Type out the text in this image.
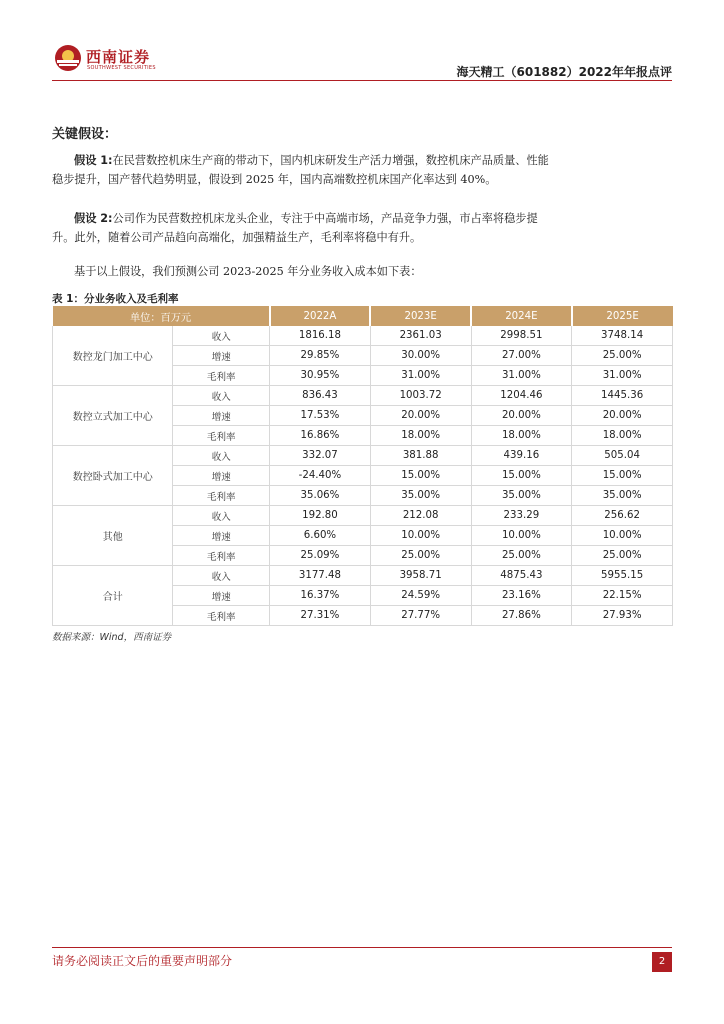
西南证券
SOUTHWEST SECURITIES	海天精工（601882）2022年年报点评
关键假设：
假设 1:在民营数控机床生产商的带动下，国内机床研发生产活力增强，数控机床产品质量、性能稳步提升，国产替代趋势明显，假设到 2025 年，国内高端数控机床国产化率达到 40%。
假设 2:公司作为民营数控机床龙头企业，专注于中高端市场，产品竞争力强，市占率将稳步提升。此外，随着公司产品趋向高端化，加强精益生产，毛利率将稳中有升。
基于以上假设，我们预测公司 2023-2025 年分业务收入成本如下表：
表 1：分业务收入及毛利率
单位：百万元		2022A	2023E	2024E	2025E
数控龙门加工中心	收入	1816.18	2361.03	2998.51	3748.14
	增速	29.85%	30.00%	27.00%	25.00%
	毛利率	30.95%	31.00%	31.00%	31.00%
数控立式加工中心	收入	836.43	1003.72	1204.46	1445.36
	增速	17.53%	20.00%	20.00%	20.00%
	毛利率	16.86%	18.00%	18.00%	18.00%
数控卧式加工中心	收入	332.07	381.88	439.16	505.04
	增速	-24.40%	15.00%	15.00%	15.00%
	毛利率	35.06%	35.00%	35.00%	35.00%
其他	收入	192.80	212.08	233.29	256.62
	增速	6.60%	10.00%	10.00%	10.00%
	毛利率	25.09%	25.00%	25.00%	25.00%
合计	收入	3177.48	3958.71	4875.43	5955.15
	增速	16.37%	24.59%	23.16%	22.15%
	毛利率	27.31%	27.77%	27.86%	27.93%
数据来源：Wind，西南证券
请务必阅读正文后的重要声明部分	2
